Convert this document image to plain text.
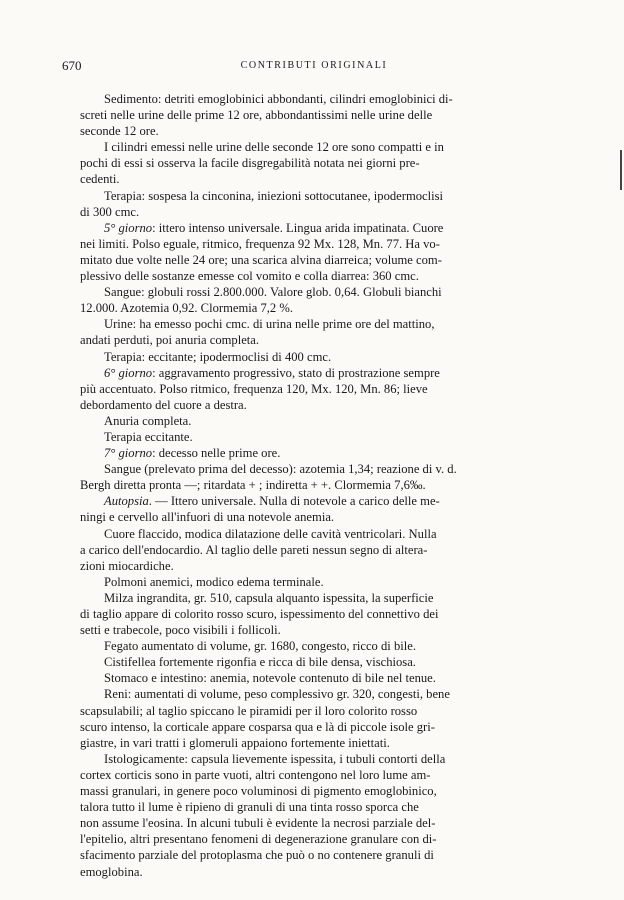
670	CONTRIBUTI ORIGINALI

Sedimento: detriti emoglobinici abbondanti, cilindri emoglobinici di-
screti nelle urine delle prime 12 ore, abbondantissimi nelle urine delle
seconde 12 ore.

I cilindri emessi nelle urine delle seconde 12 ore sono compatti e in
pochi di essi si osserva la facile disgregabilità notata nei giorni pre-
cedenti.

Terapia: sospesa la cinconina, iniezioni sottocutanee, ipodermoclisi
di 300 cmc.

5° giorno: ittero intenso universale. Lingua arida impatinata. Cuore
nei limiti. Polso eguale, ritmico, frequenza 92 Mx. 128, Mn. 77. Ha vo-
mitato due volte nelle 24 ore; una scarica alvina diarreica; volume com-
plessivo delle sostanze emesse col vomito e colla diarrea: 360 cmc.

Sangue: globuli rossi 2.800.000. Valore glob. 0,64. Globuli bianchi
12.000. Azotemia 0,92. Clormemia 7,2 %.

Urine: ha emesso pochi cmc. di urina nelle prime ore del mattino,
andati perduti, poi anuria completa.

Terapia: eccitante; ipodermoclisi di 400 cmc.

6° giorno: aggravamento progressivo, stato di prostrazione sempre
più accentuato. Polso ritmico, frequenza 120, Mx. 120, Mn. 86; lieve
debordamento del cuore a destra.

Anuria completa.

Terapia eccitante.

7° giorno: decesso nelle prime ore.

Sangue (prelevato prima del decesso): azotemia 1,34; reazione di v. d.
Bergh diretta pronta —; ritardata + ; indiretta + +. Clormemia 7,6‰.

Autopsia. — Ittero universale. Nulla di notevole a carico delle me-
ningi e cervello all'infuori di una notevole anemia.

Cuore flaccido, modica dilatazione delle cavità ventricolari. Nulla
a carico dell'endocardio. Al taglio delle pareti nessun segno di altera-
zioni miocardiche.

Polmoni anemici, modico edema terminale.

Milza ingrandita, gr. 510, capsula alquanto ispessita, la superficie
di taglio appare di colorito rosso scuro, ispessimento del connettivo dei
setti e trabecole, poco visibili i follicoli.

Fegato aumentato di volume, gr. 1680, congesto, ricco di bile.

Cistifellea fortemente rigonfia e ricca di bile densa, vischiosa.

Stomaco e intestino: anemia, notevole contenuto di bile nel tenue.

Reni: aumentati di volume, peso complessivo gr. 320, congesti, bene
scapsulabili; al taglio spiccano le piramidi per il loro colorito rosso
scuro intenso, la corticale appare cosparsa qua e là di piccole isole gri-
giastre, in vari tratti i glomeruli appaiono fortemente iniettati.

Istologicamente: capsula lievemente ispessita, i tubuli contorti della
cortex corticis sono in parte vuoti, altri contengono nel loro lume am-
massi granulari, in genere poco voluminosi di pigmento emoglobinico,
talora tutto il lume è ripieno di granuli di una tinta rosso sporca che
non assume l'eosina. In alcuni tubuli è evidente la necrosi parziale del-
l'epitelio, altri presentano fenomeni di degenerazione granulare con di-
sfacimento parziale del protoplasma che può o no contenere granuli di
emoglobina.
